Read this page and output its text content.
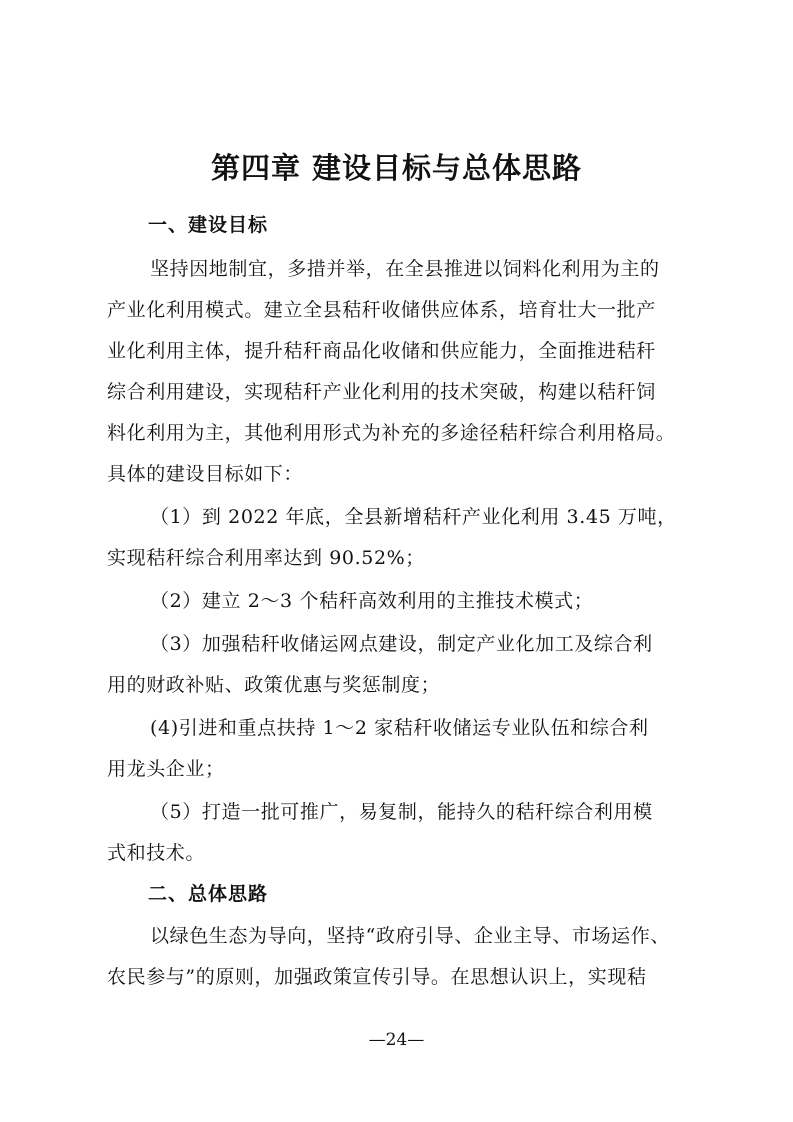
第四章 建设目标与总体思路
一、建设目标
坚持因地制宜，多措并举，在全县推进以饲料化利用为主的
产业化利用模式。建立全县秸秆收储供应体系，培育壮大一批产
业化利用主体，提升秸秆商品化收储和供应能力，全面推进秸秆
综合利用建设，实现秸秆产业化利用的技术突破，构建以秸秆饲
料化利用为主，其他利用形式为补充的多途径秸秆综合利用格局。
具体的建设目标如下：
（1）到 2022 年底，全县新增秸秆产业化利用 3.45 万吨，
实现秸秆综合利用率达到 90.52%；
（2）建立 2～3 个秸秆高效利用的主推技术模式；
（3）加强秸秆收储运网点建设，制定产业化加工及综合利
用的财政补贴、政策优惠与奖惩制度；
(4)引进和重点扶持 1～2 家秸秆收储运专业队伍和综合利
用龙头企业；
（5）打造一批可推广，易复制，能持久的秸秆综合利用模
式和技术。
二、总体思路
以绿色生态为导向，坚持“政府引导、企业主导、市场运作、
农民参与”的原则，加强政策宣传引导。在思想认识上，实现秸
—24—
